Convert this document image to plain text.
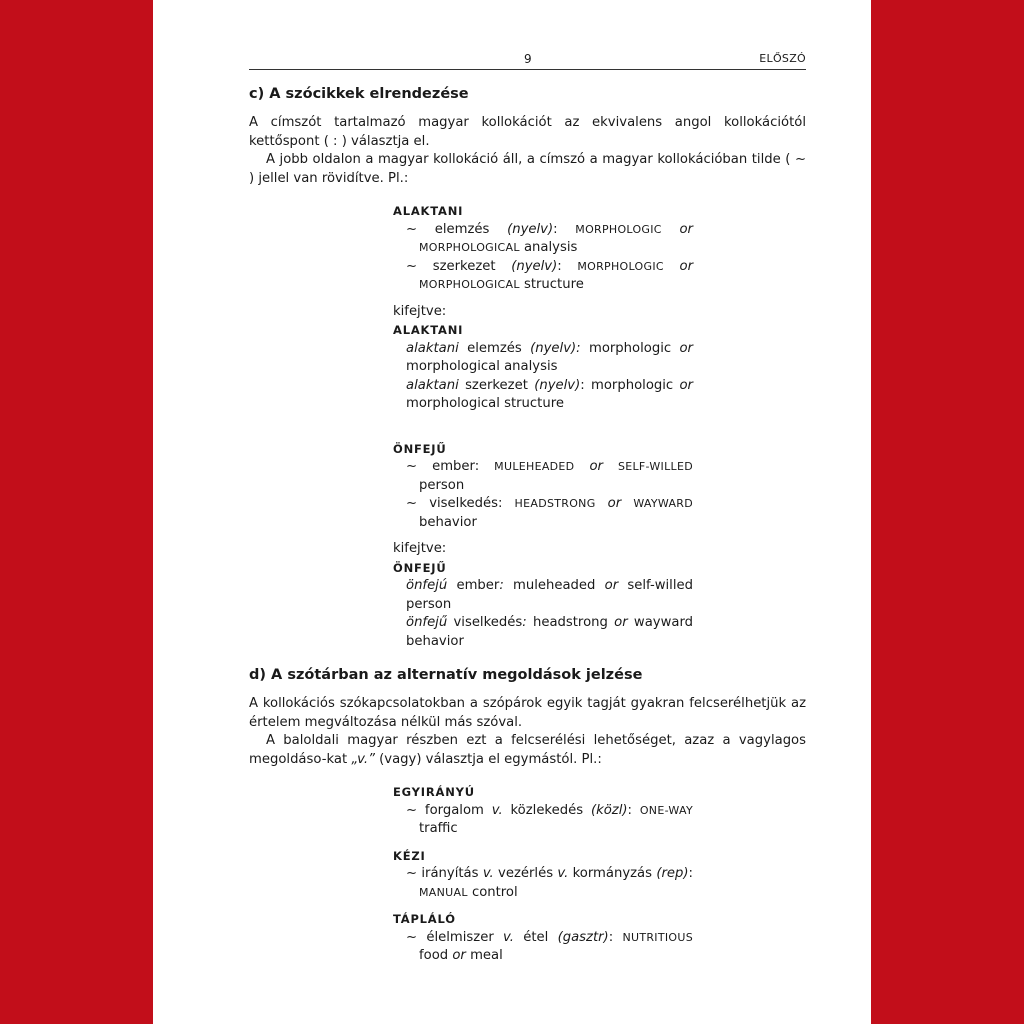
9	ELŐSZÓ
c) A szócikkek elrendezése

A címszót tartalmazó magyar kollokációt az ekvivalens angol kollokációtól kettőspont ( : ) választja el.

A jobb oldalon a magyar kollokáció áll, a címszó a magyar kollokációban tilde ( ~ ) jellel van rövidítve. Pl.:

ALAKTANI

~ elemzés (nyelv): MORPHOLOGIC or MORPHOLOGICAL analysis

~ szerkezet (nyelv): MORPHOLOGIC or MORPHOLOGICAL structure

kifejtve:

ALAKTANI

alaktani elemzés (nyelv): morphologic or morphological analysis

alaktani szerkezet (nyelv): morphologic or morphological structure

ÖNFEJŰ

~ ember: MULEHEADED or SELF-WILLED person

~ viselkedés: HEADSTRONG or WAYWARD behavior

kifejtve:

ÖNFEJŰ

önfejú ember: muleheaded or self-willed person

önfejű viselkedés: headstrong or wayward behavior

d) A szótárban az alternatív megoldások jelzése

A kollokációs szókapcsolatokban a szópárok egyik tagját gyakran felcserélhetjük az értelem megváltozása nélkül más szóval.

A baloldali magyar részben ezt a felcserélési lehetőséget, azaz a vagylagos megoldáso-kat „v.” (vagy) választja el egymástól. Pl.:

EGYIRÁNYÚ

~ forgalom v. közlekedés (közl): ONE-WAY traffic

KÉZI

~ irányítás v. vezérlés v. kormányzás (rep): MANUAL control

TÁPLÁLÓ

~ élelmiszer v. étel (gasztr): NUTRITIOUS food or meal
